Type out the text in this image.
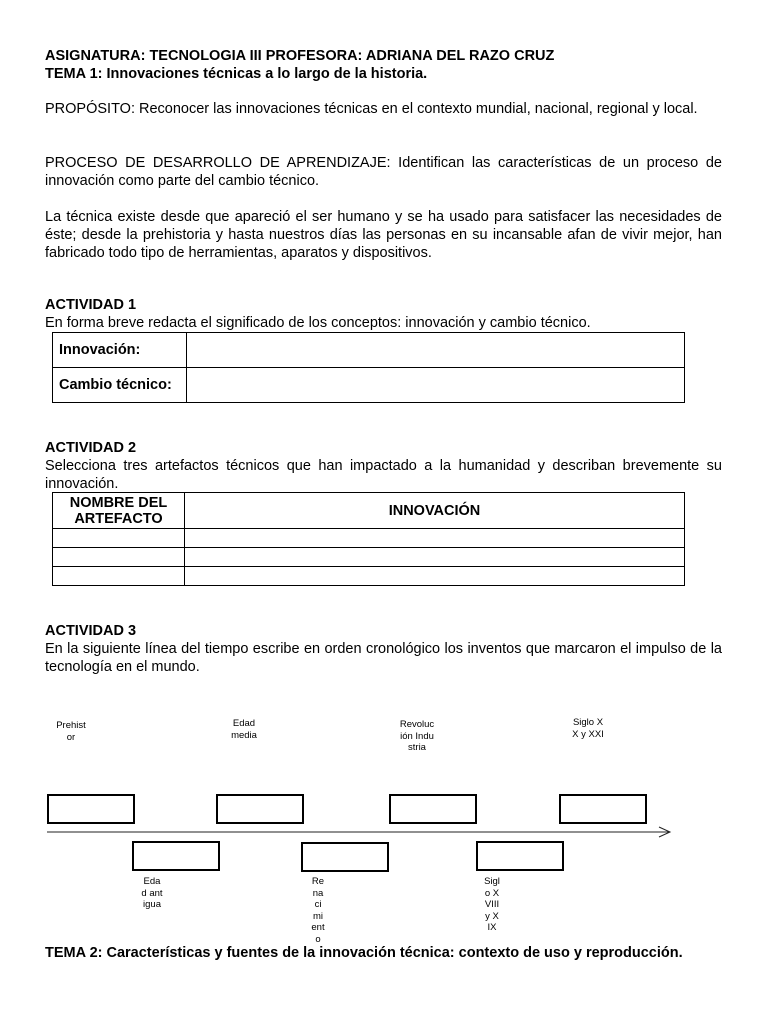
ASIGNATURA: TECNOLOGIA III PROFESORA: ADRIANA DEL RAZO CRUZ
TEMA 1: Innovaciones técnicas a lo largo de la historia.
PROPÓSITO: Reconocer las innovaciones técnicas en el contexto mundial, nacional, regional y local.
PROCESO DE DESARROLLO DE APRENDIZAJE: Identifican las características de un proceso de innovación como parte del cambio técnico.
La técnica existe desde que apareció el ser humano y se ha usado para satisfacer las necesidades de éste; desde la prehistoria y hasta nuestros días las personas en su incansable afan de vivir mejor, han fabricado todo tipo de herramientas, aparatos y dispositivos.
ACTIVIDAD 1
En forma breve redacta el significado de los conceptos: innovación y cambio técnico.
Innovación:	
Cambio técnico:	
ACTIVIDAD 2
Selecciona tres artefactos técnicos que han impactado a la humanidad y describan brevemente su innovación.
NOMBRE DEL ARTEFACTO	INNOVACIÓN

ACTIVIDAD 3
En la siguiente línea del tiempo escribe en orden cronológico los inventos que marcaron el impulso de la tecnología en el mundo.
Prehistor
Edad media
Revolución Industria
Siglo XX y XXI
Edad antigua
Renacimiento
Siglo XVIII y XIX
TEMA 2: Características y fuentes de la innovación técnica: contexto de uso y reproducción.
